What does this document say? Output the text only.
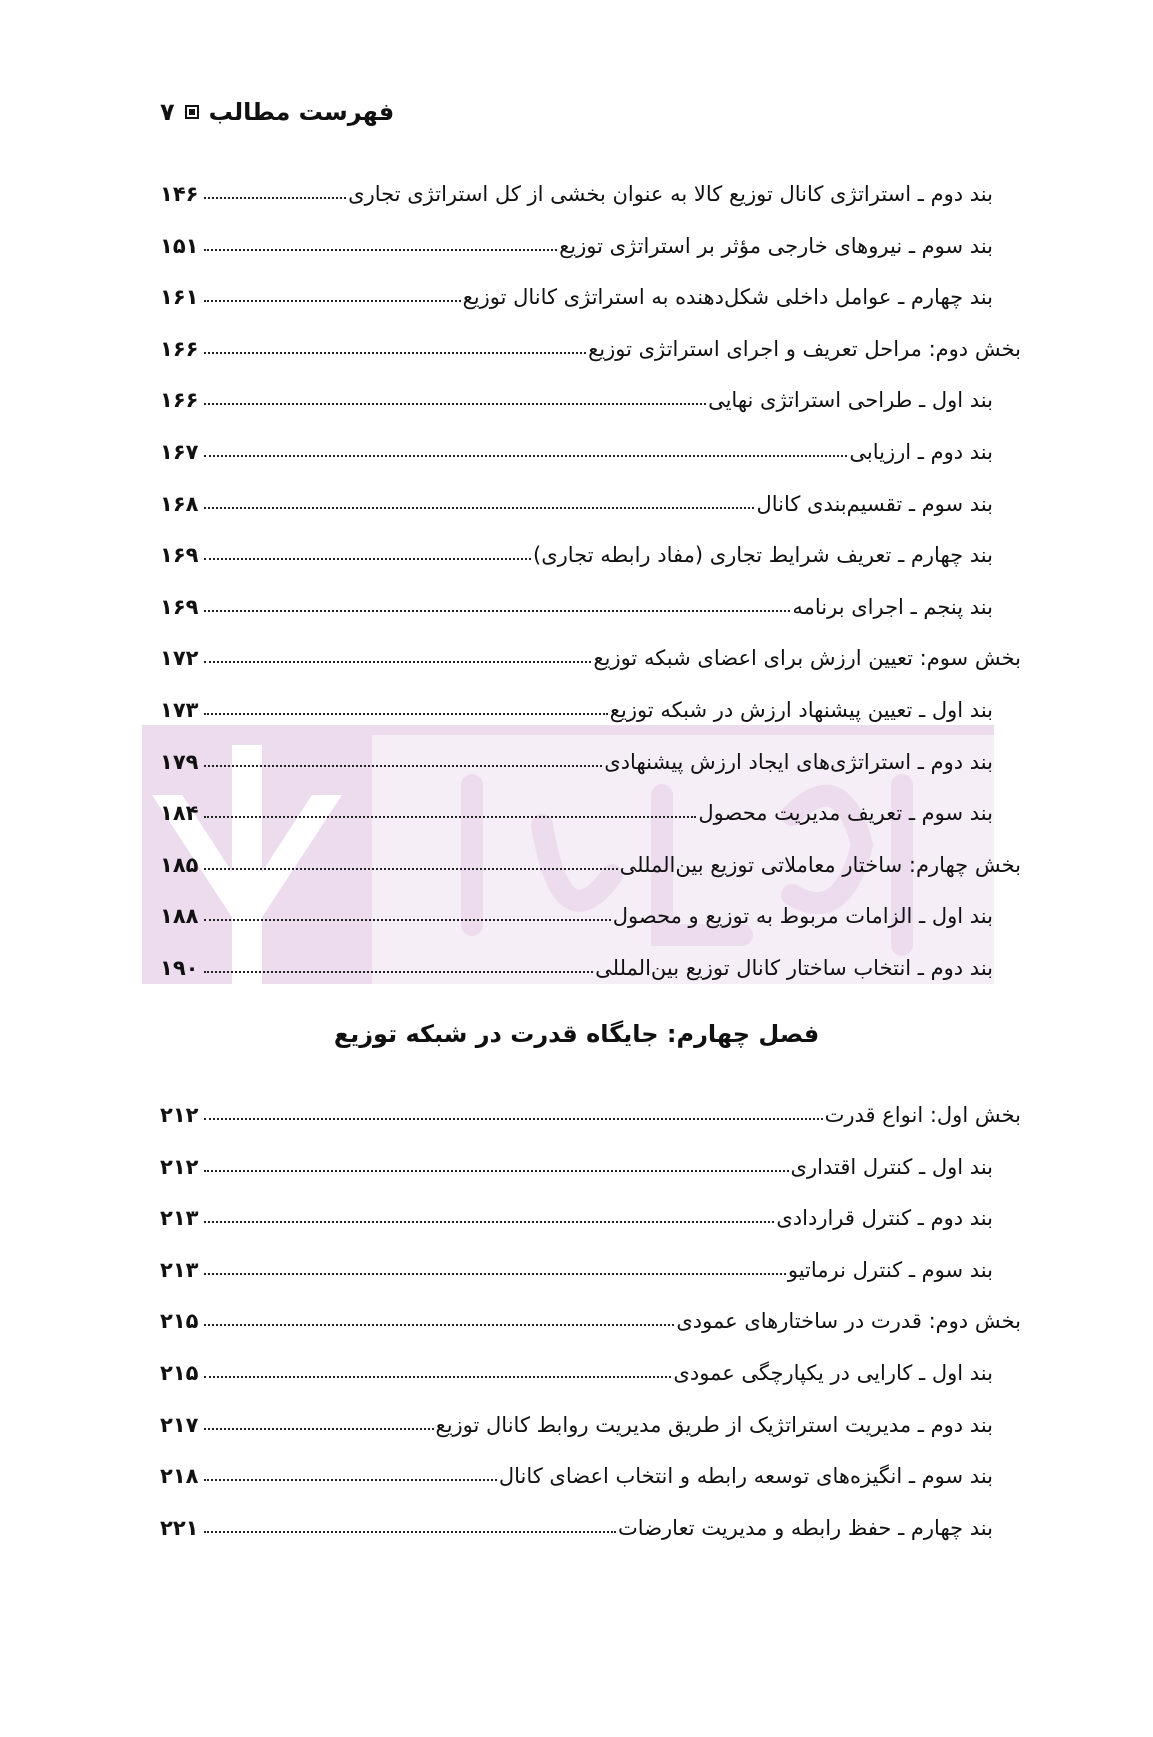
فهرست مطالب
۷
بند دوم ـ استراتژی کانال توزیع کالا به عنوان بخشی از کل استراتژی تجاری
۱۴۶
بند سوم ـ نیروهای خارجی مؤثر بر استراتژی توزیع
۱۵۱
بند چهارم ـ عوامل داخلی شکل‌دهنده به استراتژی کانال توزیع
۱۶۱
بخش دوم: مراحل تعریف و اجرای استراتژی توزیع
۱۶۶
بند اول ـ طراحی استراتژی نهایی
۱۶۶
بند دوم ـ ارزیابی
۱۶۷
بند سوم ـ تقسیم‌بندی کانال
۱۶۸
بند چهارم ـ تعریف شرایط تجاری (مفاد رابطه تجاری)
۱۶۹
بند پنجم ـ اجرای برنامه
۱۶۹
بخش سوم: تعیین ارزش برای اعضای شبکه توزیع
۱۷۲
بند اول ـ تعیین پیشنهاد ارزش در شبکه توزیع
۱۷۳
بند دوم ـ استراتژی‌های ایجاد ارزش پیشنهادی
۱۷۹
بند سوم ـ تعریف مدیریت محصول
۱۸۴
بخش چهارم: ساختار معاملاتی توزیع بین‌المللی
۱۸۵
بند اول ـ الزامات مربوط به توزیع و محصول
۱۸۸
بند دوم ـ انتخاب ساختار کانال توزیع بین‌المللی
۱۹۰
فصل چهارم: جایگاه قدرت در شبکه توزیع
بخش اول: انواع قدرت
۲۱۲
بند اول ـ کنترل اقتداری
۲۱۲
بند دوم ـ کنترل قراردادی
۲۱۳
بند سوم ـ کنترل نرماتیو
۲۱۳
بخش دوم: قدرت در ساختارهای عمودی
۲۱۵
بند اول ـ کارایی در یکپارچگی عمودی
۲۱۵
بند دوم ـ مدیریت استراتژیک از طریق مدیریت روابط کانال توزیع
۲۱۷
بند سوم ـ انگیزه‌های توسعه رابطه و انتخاب اعضای کانال
۲۱۸
بند چهارم ـ حفظ رابطه و مدیریت تعارضات
۲۲۱
